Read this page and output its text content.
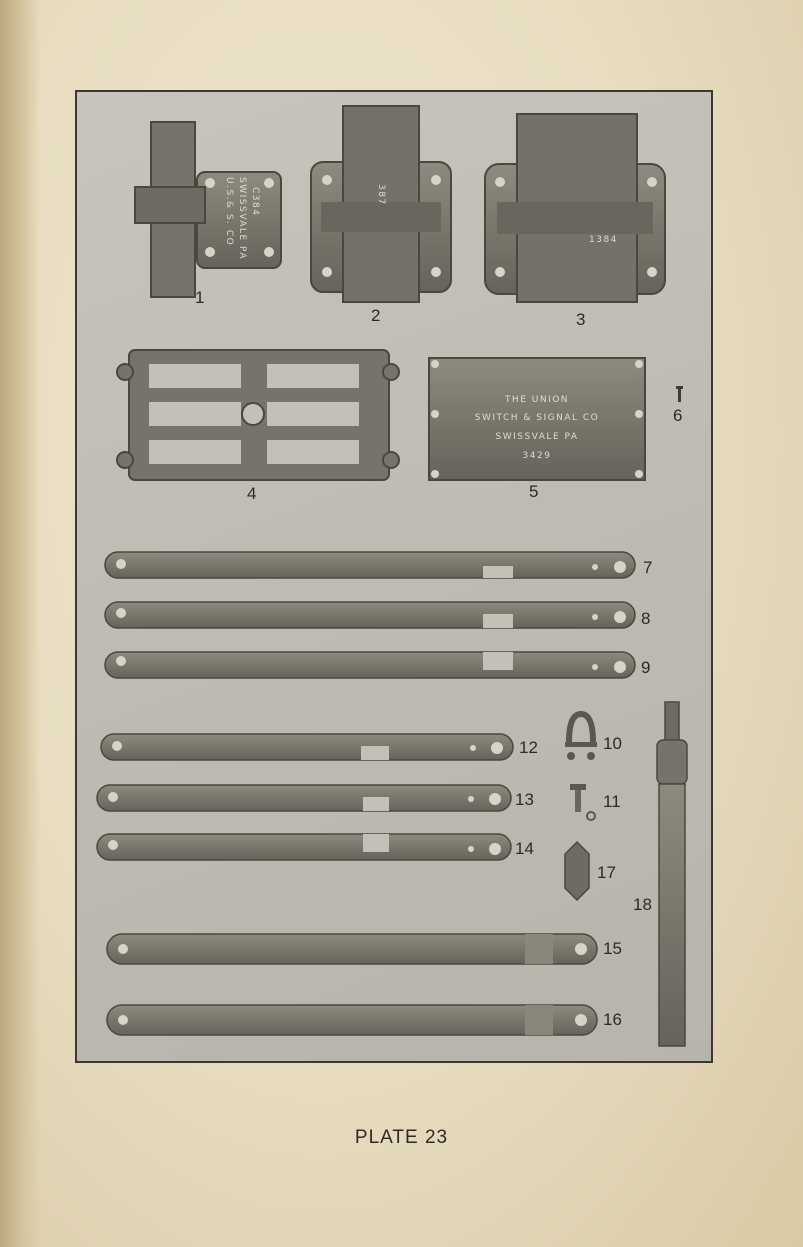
U.S.& S. CO SWISSVALE PA C384	387
1384
THE UNION
SWITCH & SIGNAL CO
SWISSVALE PA
3429
1
2	3
4	5
6
7
8
9
10
11
12
13
14
15
16
17
18
PLATE 23
